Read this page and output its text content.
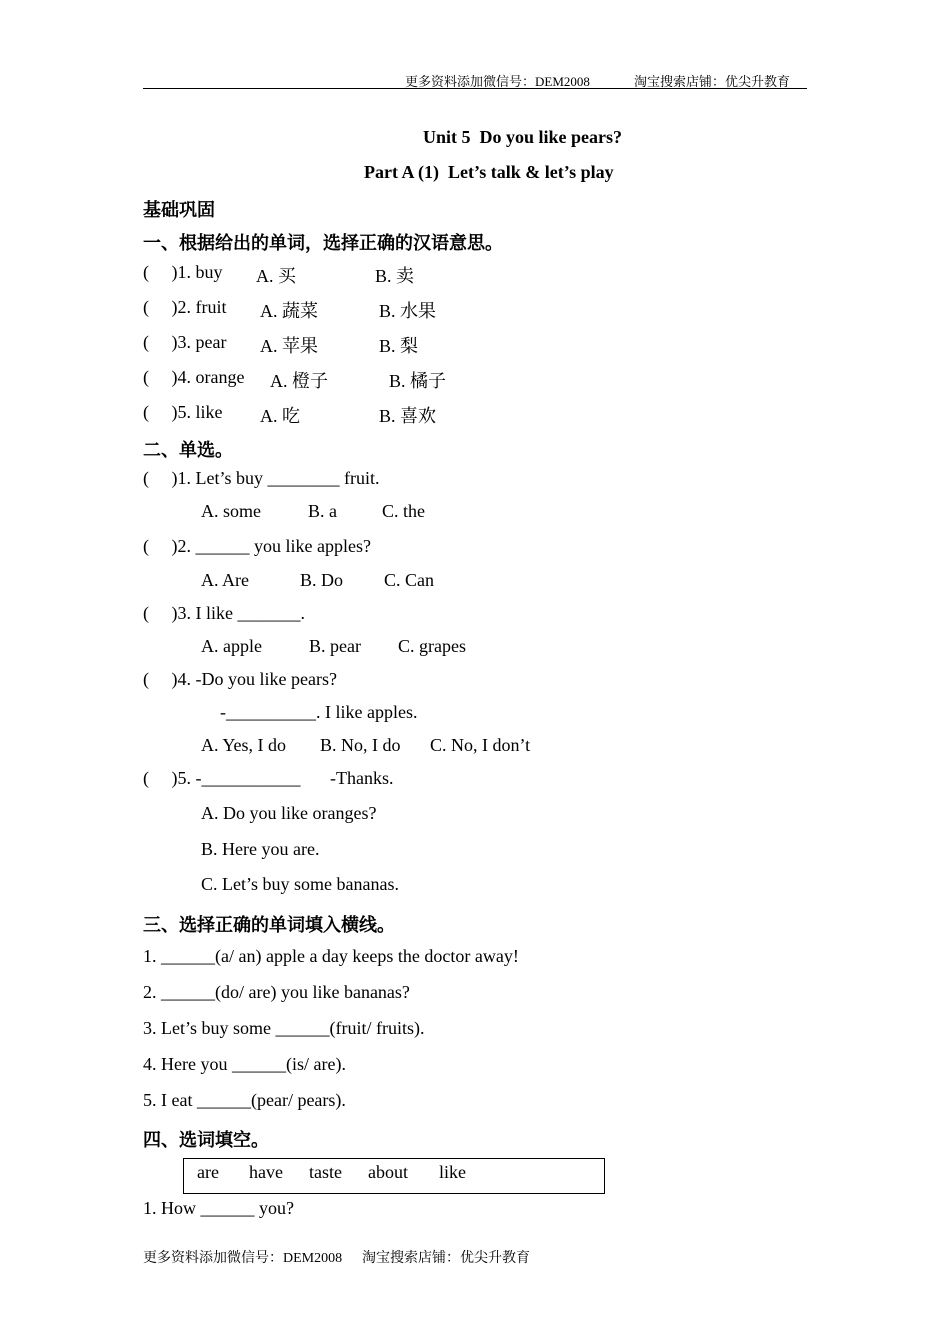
更多资料添加微信号：DEM2008	淘宝搜索店铺：优尖升教育
Unit 5  Do you like pears?
Part A (1)  Let’s talk & let’s play
基础巩固
一、根据给出的单词，选择正确的汉语意思。
(     )1. buy A. 买	B. 卖
(     )2. fruit A. 蔬菜	B. 水果
(     )3. pear A. 苹果	B. 梨
(     )4. orange A. 橙子	B. 橘子
(     )5. like A. 吃	B. 喜欢
二、单选。
(     )1. Let’s buy ________ fruit.
A. some	B. a	C. the
(     )2. ______ you like apples?
A. Are	B. Do C. Can
(     )3. I like _______.
A. apple	B. pear C. grapes
(     )4. -Do you like pears?
-__________. I like apples.
A. Yes, I do B. No, I do C. No, I don’t
(     )5. -___________ -Thanks.
A. Do you like oranges?
B. Here you are.
C. Let’s buy some bananas.
三、选择正确的单词填入横线。
1. ______(a/ an) apple a day keeps the doctor away!
2. ______(do/ are) you like bananas?
3. Let’s buy some ______(fruit/ fruits).
4. Here you ______(is/ are).
5. I eat ______(pear/ pears).
四、选词填空。
are have taste about like
1. How ______ you?
更多资料添加微信号：DEM2008 淘宝搜索店铺：优尖升教育
